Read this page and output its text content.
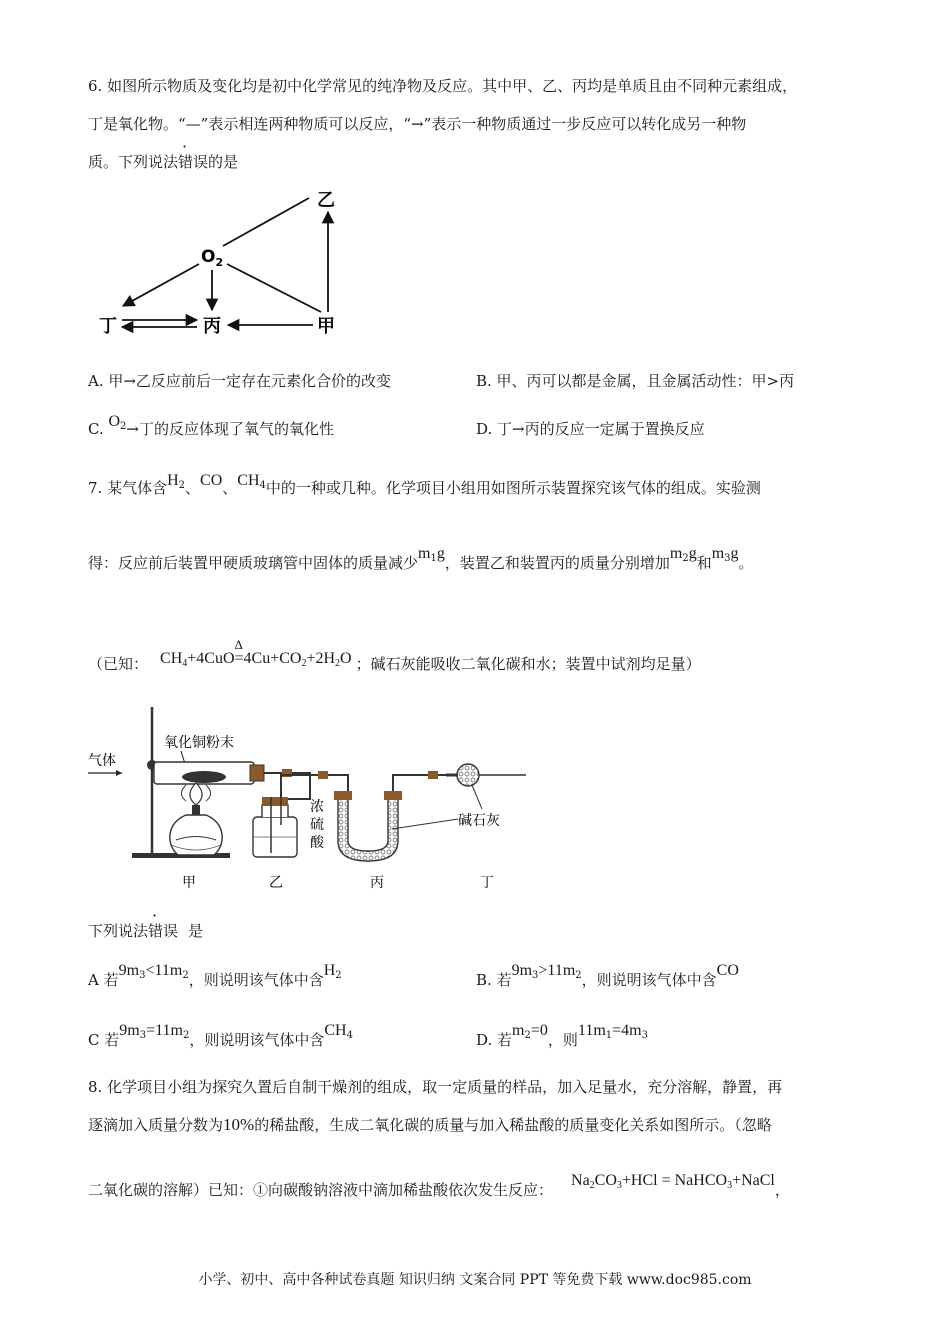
6. 如图所示物质及变化均是初中化学常见的纯净物及反应。其中甲、乙、丙均是单质且由不同种元素组成，
丁是氧化物。“—”表示相连两种物质可以反应，“→”表示一种物质通过一步反应可以转化成另一种物
质。下列说法错误的是
$O_2$
乙
丁	丙	甲
A. 甲→乙反应前后一定存在元素化合价的改变	B. 甲、丙可以都是金属，且金属活动性：甲>丙
C. $O^2\to$丁的反应体现了氧气的氧化性	D. 丁→丙的反应一定属于置换反应
7. 某气体含$H^2$、CO、$CH^4$中的一种或几种。化学项目小组用如图所示装置探究该气体的组成。实验测
得：反应前后装置甲硬质玻璃管中固体的质量减少$m^1g$，装置乙和装置丙的质量分别增加$m^2g$和$m^3g$。
（已知： $CH_4+4CuO$
Δ
$=4Cu+CO_2+2H_2O$ ；碱石灰能吸收二氧化碳和水；装置中试剂均足量）
气体
氧化铜粉末
浓
硫
酸
碱石灰
甲	乙	丙	丁
下列说法错误 是
A 若$9m^3<11m^2$，则说明该气体中含$H^2$	B. 若$9m^3>11m^2$，则说明该气体中含CO
C 若$9m^3=11m^2$，则说明该气体中含$CH^4$	D. 若$m^2=0$，则$11m^1=4m^3$
8. 化学项目小组为探究久置后自制干燥剂的组成，取一定质量的样品，加入足量水，充分溶解，静置，再
逐滴加入质量分数为10%的稀盐酸，生成二氧化碳的质量与加入稀盐酸的质量变化关系如图所示。（忽略
二氧化碳的溶解）已知：①向碳酸钠溶液中滴加稀盐酸依次发生反应：$Na_2CO_3+HCl$ = NaHCO$_3$+NaCl，
小学、初中、高中各种试卷真题 知识归纳 文案合同 PPT 等免费下载 www.doc985.com
